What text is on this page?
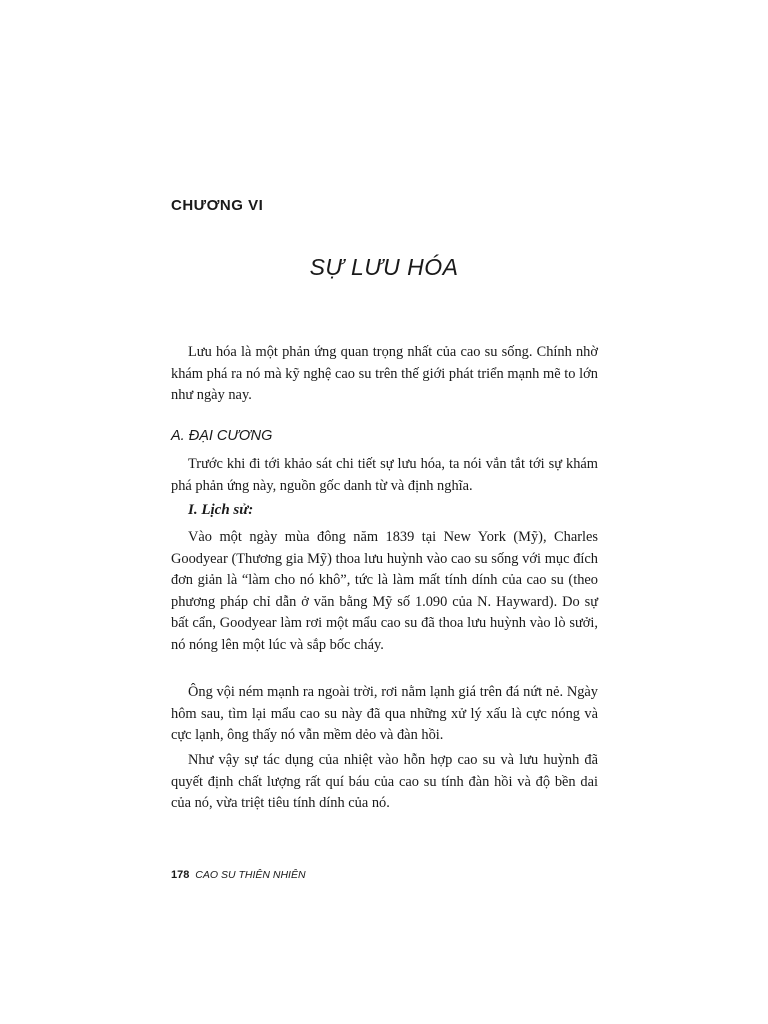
CHƯƠNG VI
SỰ LƯU HÓA

Lưu hóa là một phản ứng quan trọng nhất của cao su sống. Chính nhờ khám phá ra nó mà kỹ nghệ cao su trên thế giới phát triển mạnh mẽ to lớn như ngày nay.

A. ĐẠI CƯƠNG

Trước khi đi tới khảo sát chi tiết sự lưu hóa, ta nói vắn tắt tới sự khám phá phản ứng này, nguồn gốc danh từ và định nghĩa.

I. Lịch sử:

Vào một ngày mùa đông năm 1839 tại New York (Mỹ), Charles Goodyear (Thương gia Mỹ) thoa lưu huỳnh vào cao su sống với mục đích đơn giản là “làm cho nó khô”, tức là làm mất tính dính của cao su (theo phương pháp chỉ dẫn ở văn bằng Mỹ số 1.090 của N. Hayward). Do sự bất cẩn, Goodyear làm rơi một mẩu cao su đã thoa lưu huỳnh vào lò sưởi, nó nóng lên một lúc và sắp bốc cháy.

Ông vội ném mạnh ra ngoài trời, rơi nằm lạnh giá trên đá nứt nẻ. Ngày hôm sau, tìm lại mẩu cao su này đã qua những xử lý xấu là cực nóng và cực lạnh, ông thấy nó vẫn mềm dẻo và đàn hồi.

Như vậy sự tác dụng của nhiệt vào hỗn hợp cao su và lưu huỳnh đã quyết định chất lượng rất quí báu của cao su tính đàn hồi và độ bền dai của nó, vừa triệt tiêu tính dính của nó.

178 CAO SU THIÊN NHIÊN
